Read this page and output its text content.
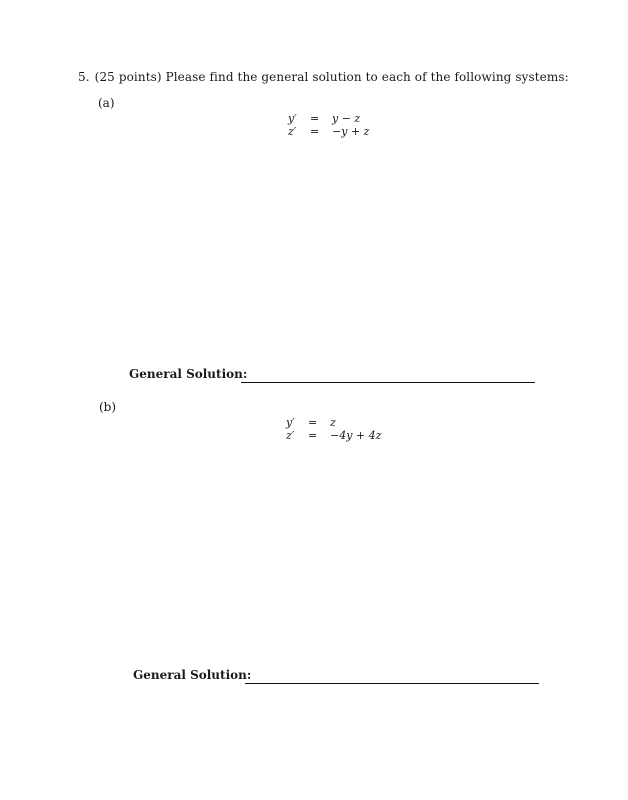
5. (25 points) Please find the general solution to each of the following systems:
(a)
y′	=	y − z
z′	=	−y + z
General Solution:
(b)
y′	=	z
z′	=	−4y + 4z
General Solution:
